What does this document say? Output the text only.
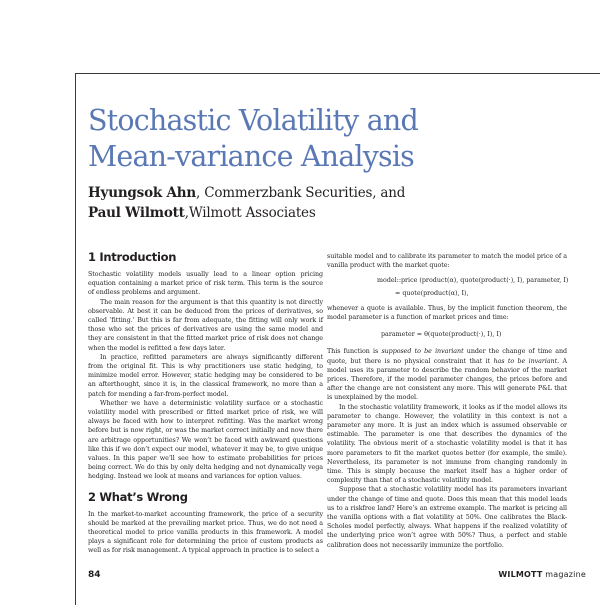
Stochastic Volatility and
Mean-variance Analysis
Hyungsok Ahn, Commerzbank Securities, and
Paul Wilmott,Wilmott Associates
1 Introduction

Stochastic volatility models usually lead to a linear option pricing equation containing a market price of risk term. This term is the source of endless problems and argument.

The main reason for the argument is that this quantity is not directly observable. At best it can be deduced from the prices of derivatives, so called ‘fitting.’ But this is far from adequate, the fitting will only work if those who set the prices of derivatives are using the same model and they are consistent in that the fitted market price of risk does not change when the model is refitted a few days later.

In practice, refitted parameters are always significantly different from the original fit. This is why practitioners use static hedging, to minimize model error. However, static hedging may be considered to be an afterthought, since it is, in the classical framework, no more than a patch for mending a far-from-perfect model.

Whether we have a deterministic volatility surface or a stochastic volatility model with prescribed or fitted market price of risk, we will always be faced with how to interpret refitting. Was the market wrong before but is now right, or was the market correct initially and now there are arbitrage opportunities? We won’t be faced with awkward questions like this if we don’t expect our model, whatever it may be, to give unique values. In this paper we’ll see how to estimate probabilities for prices being correct. We do this by only delta hedging and not dynamically vega hedging. Instead we look at means and variances for option values.

2 What’s Wrong

In the market-to-market accounting framework, the price of a security should be marked at the prevailing market price. Thus, we do not need a theoretical model to price vanilla products in this framework. A model plays a significant role for determining the price of custom products as well as for risk management. A typical approach in practice is to select a

suitable model and to calibrate its parameter to match the model price of a vanilla product with the market quote:

model::price (product(α), quote(product(·), I), parameter, I)
= quote(product(α), I),

whenever a quote is available. Thus, by the implicit function theorem, the model parameter is a function of market prices and time:

parameter = θ(quote(product(·), I), I)

This function is supposed to be invariant under the change of time and quote, but there is no physical constraint that it has to be invariant. A model uses its parameter to describe the random behavior of the market prices. Therefore, if the model parameter changes, the prices before and after the change are not consistent any more. This will generate P&L that is unexplained by the model.

In the stochastic volatility framework, it looks as if the model allows its parameter to change. However, the volatility in this context is not a parameter any more. It is just an index which is assumed observable or estimable. The parameter is one that describes the dynamics of the volatility. The obvious merit of a stochastic volatility model is that it has more parameters to fit the market quotes better (for example, the smile). Nevertheless, its parameter is not immune from changing randomly in time. This is simply because the market itself has a higher order of complexity than that of a stochastic volatility model.

Suppose that a stochastic volatility model has its parameters invariant under the change of time and quote. Does this mean that this model leads us to a riskfree land? Here’s an extreme example. The market is pricing all the vanilla options with a flat volatility at 50%. One calibrates the Black-Scholes model perfectly, always. What happens if the realized volatility of the underlying price won’t agree with 50%? Thus, a perfect and stable calibration does not necessarily immunize the portfolio.

84	WILMOTT magazine
